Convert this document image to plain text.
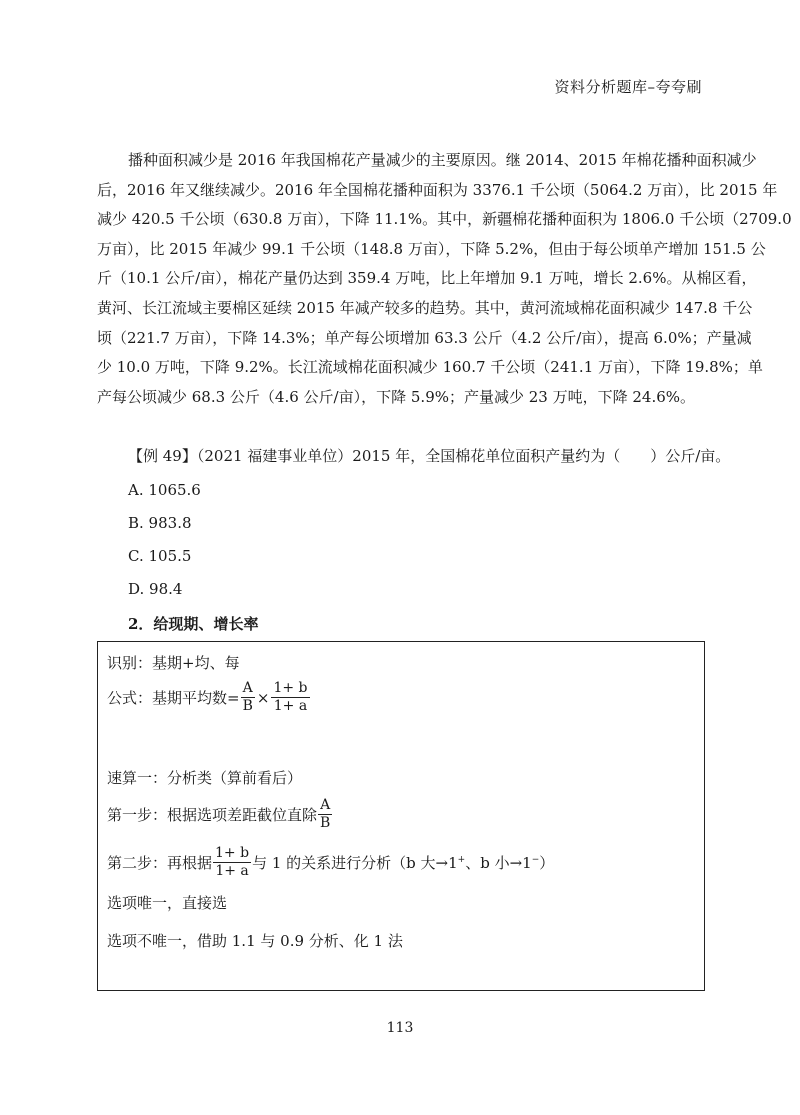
资料分析题库–夸夸刷
播种面积减少是 2016 年我国棉花产量减少的主要原因。继 2014、2015 年棉花播种面积减少
后，2016 年又继续减少。2016 年全国棉花播种面积为 3376.1 千公顷（5064.2 万亩），比 2015 年
减少 420.5 千公顷（630.8 万亩），下降 11.1%。其中，新疆棉花播种面积为 1806.0 千公顷（2709.0
万亩），比 2015 年减少 99.1 千公顷（148.8 万亩），下降 5.2%，但由于每公顷单产增加 151.5 公
斤（10.1 公斤/亩），棉花产量仍达到 359.4 万吨，比上年增加 9.1 万吨，增长 2.6%。从棉区看，
黄河、长江流域主要棉区延续 2015 年减产较多的趋势。其中，黄河流域棉花面积减少 147.8 千公
顷（221.7 万亩），下降 14.3%；单产每公顷增加 63.3 公斤（4.2 公斤/亩），提高 6.0%；产量减
少 10.0 万吨，下降 9.2%。长江流域棉花面积减少 160.7 千公顷（241.1 万亩），下降 19.8%；单
产每公顷减少 68.3 公斤（4.6 公斤/亩），下降 5.9%；产量减少 23 万吨，下降 24.6%。
【例 49】（2021 福建事业单位）2015 年，全国棉花单位面积产量约为（　　）公斤/亩。
A. 1065.6
B. 983.8
C. 105.5
D. 98.4
2．给现期、增长率
识别：基期+均、每
公式：基期平均数= $\frac{A}{B} \times \frac{1+ b}{1+ a}$
速算一：分析类（算前看后）
第一步：根据选项差距截位直除 $\frac{A}{B}$
第二步：再根据 $\frac{1+ b}{1+ a}$ 与 1 的关系进行分析（b 大→1+、b 小→1−）
选项唯一，直接选
选项不唯一，借助 1.1 与 0.9 分析、化 1 法
113
